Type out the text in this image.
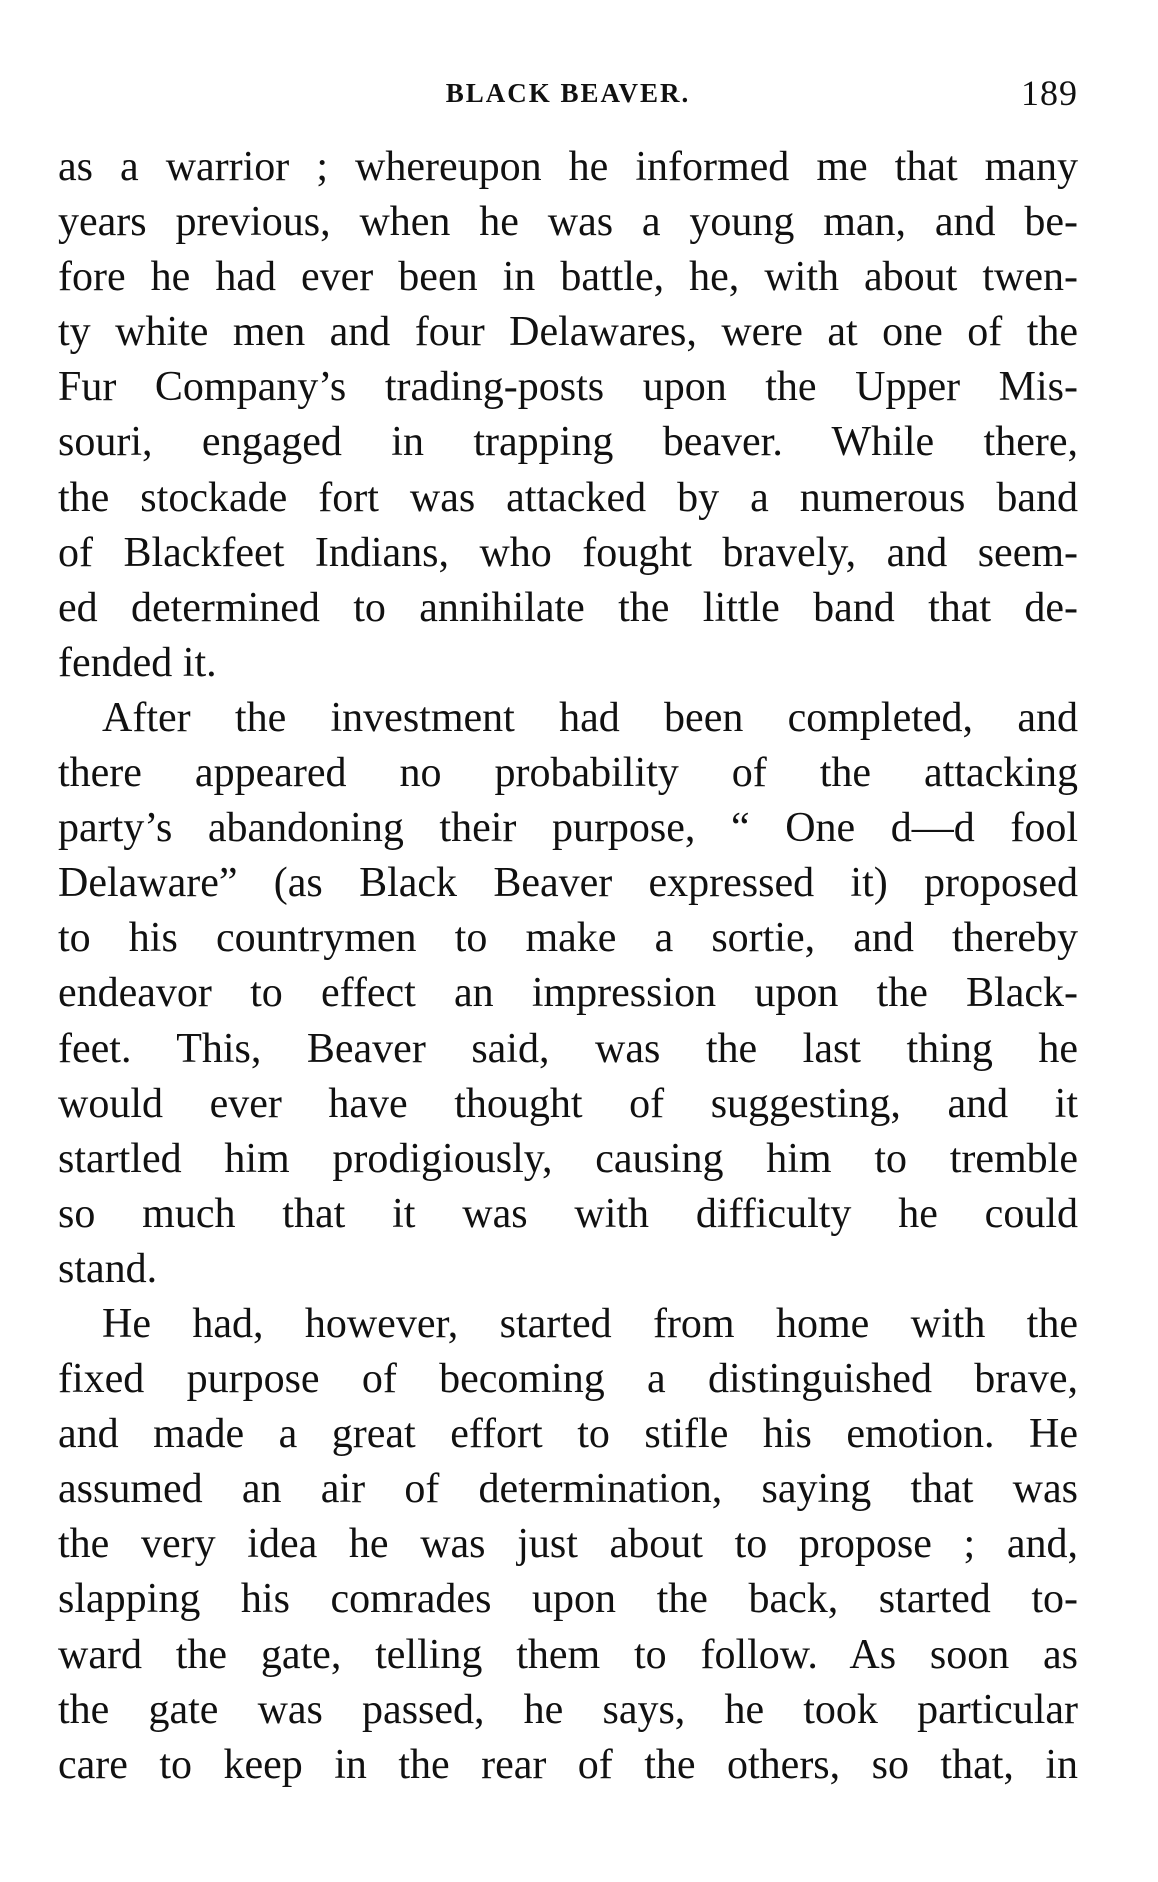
BLACK BEAVER.	189
as a warrior ; whereupon he informed me that many
years previous, when he was a young man, and be-
fore he had ever been in battle, he, with about twen-
ty white men and four Delawares, were at one of the
Fur Company’s trading-posts upon the Upper Mis-
souri, engaged in trapping beaver. While there,
the stockade fort was attacked by a numerous band
of Blackfeet Indians, who fought bravely, and seem-
ed determined to annihilate the little band that de-
fended it.
After the investment had been completed, and
there appeared no probability of the attacking
party’s abandoning their purpose, “ One d—d fool
Delaware” (as Black Beaver expressed it) proposed
to his countrymen to make a sortie, and thereby
endeavor to effect an impression upon the Black-
feet. This, Beaver said, was the last thing he
would ever have thought of suggesting, and it
startled him prodigiously, causing him to tremble
so much that it was with difficulty he could
stand.
He had, however, started from home with the
fixed purpose of becoming a distinguished brave,
and made a great effort to stifle his emotion. He
assumed an air of determination, saying that was
the very idea he was just about to propose ; and,
slapping his comrades upon the back, started to-
ward the gate, telling them to follow. As soon as
the gate was passed, he says, he took particular
care to keep in the rear of the others, so that, in
